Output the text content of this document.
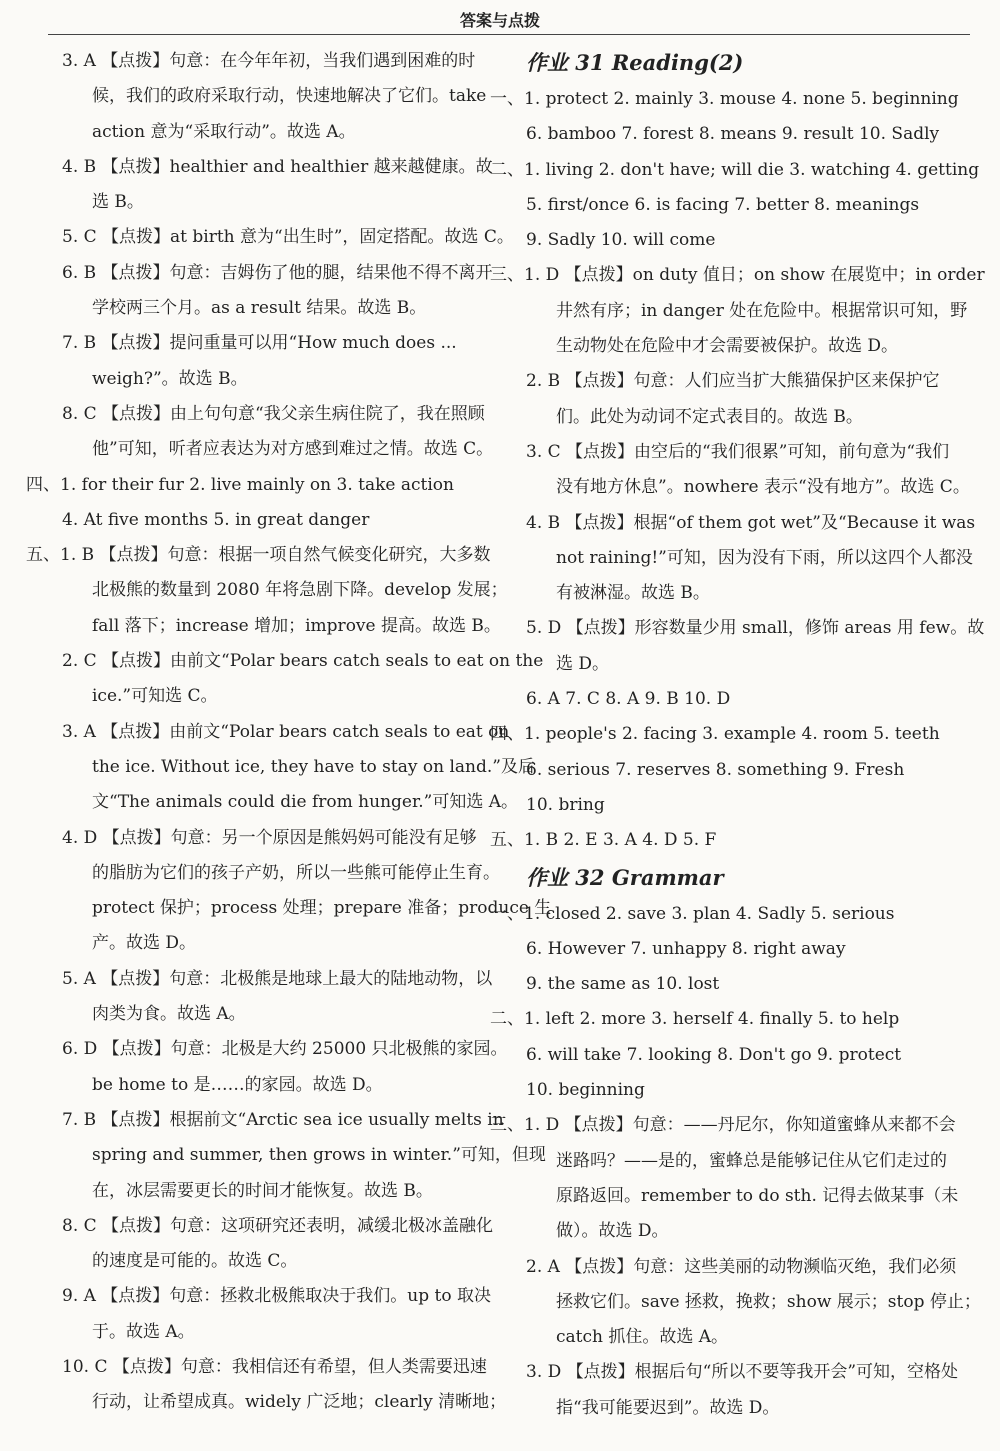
答案与点拨
3. A 【点拨】句意：在今年年初，当我们遇到困难的时
候，我们的政府采取行动，快速地解决了它们。take
action 意为“采取行动”。故选 A。
4. B 【点拨】healthier and healthier 越来越健康。故
选 B。
5. C 【点拨】at birth 意为“出生时”，固定搭配。故选 C。
6. B 【点拨】句意：吉姆伤了他的腿，结果他不得不离开
学校两三个月。as a result 结果。故选 B。
7. B 【点拨】提问重量可以用“How much does ...
weigh?”。故选 B。
8. C 【点拨】由上句句意“我父亲生病住院了，我在照顾
他”可知，听者应表达为对方感到难过之情。故选 C。
四、1. for their fur 2. live mainly on 3. take action
4. At five months 5. in great danger
五、1. B 【点拨】句意：根据一项自然气候变化研究，大多数
北极熊的数量到 2080 年将急剧下降。develop 发展；
fall 落下；increase 增加；improve 提高。故选 B。
2. C 【点拨】由前文“Polar bears catch seals to eat on the
ice.”可知选 C。
3. A 【点拨】由前文“Polar bears catch seals to eat on
the ice. Without ice, they have to stay on land.”及后
文“The animals could die from hunger.”可知选 A。
4. D 【点拨】句意：另一个原因是熊妈妈可能没有足够
的脂肪为它们的孩子产奶，所以一些熊可能停止生育。
protect 保护；process 处理；prepare 准备；produce 生
产。故选 D。
5. A 【点拨】句意：北极熊是地球上最大的陆地动物，以
肉类为食。故选 A。
6. D 【点拨】句意：北极是大约 25000 只北极熊的家园。
be home to 是……的家园。故选 D。
7. B 【点拨】根据前文“Arctic sea ice usually melts in
spring and summer, then grows in winter.”可知，但现
在，冰层需要更长的时间才能恢复。故选 B。
8. C 【点拨】句意：这项研究还表明，减缓北极冰盖融化
的速度是可能的。故选 C。
9. A 【点拨】句意：拯救北极熊取决于我们。up to 取决
于。故选 A。
10. C 【点拨】句意：我相信还有希望，但人类需要迅速
行动，让希望成真。widely 广泛地；clearly 清晰地；
作业 31 Reading(2)
一、1. protect 2. mainly 3. mouse 4. none 5. beginning
6. bamboo 7. forest 8. means 9. result 10. Sadly
二、1. living 2. don't have; will die 3. watching 4. getting
5. first/once 6. is facing 7. better 8. meanings
9. Sadly 10. will come
三、1. D 【点拨】on duty 值日；on show 在展览中；in order
井然有序；in danger 处在危险中。根据常识可知，野
生动物处在危险中才会需要被保护。故选 D。
2. B 【点拨】句意：人们应当扩大熊猫保护区来保护它
们。此处为动词不定式表目的。故选 B。
3. C 【点拨】由空后的“我们很累”可知，前句意为“我们
没有地方休息”。nowhere 表示“没有地方”。故选 C。
4. B 【点拨】根据“of them got wet”及“Because it was
not raining!”可知，因为没有下雨，所以这四个人都没
有被淋湿。故选 B。
5. D 【点拨】形容数量少用 small，修饰 areas 用 few。故
选 D。
6. A 7. C 8. A 9. B 10. D
四、1. people's 2. facing 3. example 4. room 5. teeth
6. serious 7. reserves 8. something 9. Fresh
10. bring
五、1. B 2. E 3. A 4. D 5. F
作业 32 Grammar
一、1. closed 2. save 3. plan 4. Sadly 5. serious
6. However 7. unhappy 8. right away
9. the same as 10. lost
二、1. left 2. more 3. herself 4. finally 5. to help
6. will take 7. looking 8. Don't go 9. protect
10. beginning
三、1. D 【点拨】句意：——丹尼尔，你知道蜜蜂从来都不会
迷路吗？——是的，蜜蜂总是能够记住从它们走过的
原路返回。remember to do sth. 记得去做某事（未
做）。故选 D。
2. A 【点拨】句意：这些美丽的动物濒临灭绝，我们必须
拯救它们。save 拯救，挽救；show 展示；stop 停止；
catch 抓住。故选 A。
3. D 【点拨】根据后句“所以不要等我开会”可知，空格处
指“我可能要迟到”。故选 D。
